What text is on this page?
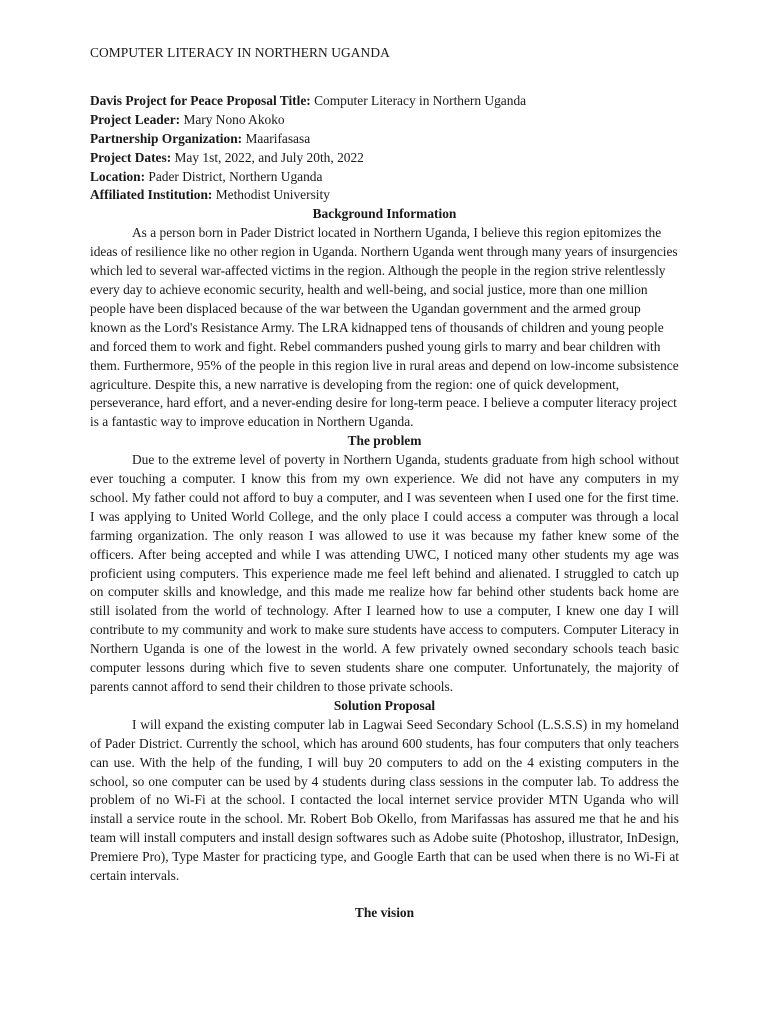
COMPUTER LITERACY IN NORTHERN UGANDA

Davis Project for Peace Proposal Title: Computer Literacy in Northern Uganda

Project Leader: Mary Nono Akoko

Partnership Organization: Maarifasasa

Project Dates: May 1st, 2022, and July 20th, 2022

Location: Pader District, Northern Uganda

Affiliated Institution: Methodist University

Background Information

As a person born in Pader District located in Northern Uganda, I believe this region epitomizes the ideas of resilience like no other region in Uganda. Northern Uganda went through many years of insurgencies which led to several war-affected victims in the region. Although the people in the region strive relentlessly every day to achieve economic security, health and well-being, and social justice, more than one million people have been displaced because of the war between the Ugandan government and the armed group known as the Lord's Resistance Army. The LRA kidnapped tens of thousands of children and young people and forced them to work and fight. Rebel commanders pushed young girls to marry and bear children with them. Furthermore, 95% of the people in this region live in rural areas and depend on low-income subsistence agriculture. Despite this, a new narrative is developing from the region: one of quick development, perseverance, hard effort, and a never-ending desire for long-term peace. I believe a computer literacy project is a fantastic way to improve education in Northern Uganda.

The problem

Due to the extreme level of poverty in Northern Uganda, students graduate from high school without ever touching a computer. I know this from my own experience. We did not have any computers in my school. My father could not afford to buy a computer, and I was seventeen when I used one for the first time. I was applying to United World College, and the only place I could access a computer was through a local farming organization. The only reason I was allowed to use it was because my father knew some of the officers. After being accepted and while I was attending UWC, I noticed many other students my age was proficient using computers. This experience made me feel left behind and alienated. I struggled to catch up on computer skills and knowledge, and this made me realize how far behind other students back home are still isolated from the world of technology. After I learned how to use a computer, I knew one day I will contribute to my community and work to make sure students have access to computers. Computer Literacy in Northern Uganda is one of the lowest in the world. A few privately owned secondary schools teach basic computer lessons during which five to seven students share one computer. Unfortunately, the majority of parents cannot afford to send their children to those private schools.

Solution Proposal

I will expand the existing computer lab in Lagwai Seed Secondary School (L.S.S.S) in my homeland of Pader District. Currently the school, which has around 600 students, has four computers that only teachers can use. With the help of the funding, I will buy 20 computers to add on the 4 existing computers in the school, so one computer can be used by 4 students during class sessions in the computer lab. To address the problem of no Wi-Fi at the school. I contacted the local internet service provider MTN Uganda who will install a service route in the school. Mr. Robert Bob Okello, from Marifassas has assured me that he and his team will install computers and install design softwares such as Adobe suite (Photoshop, illustrator, InDesign, Premiere Pro), Type Master for practicing type, and Google Earth that can be used when there is no Wi-Fi at certain intervals.

The vision
